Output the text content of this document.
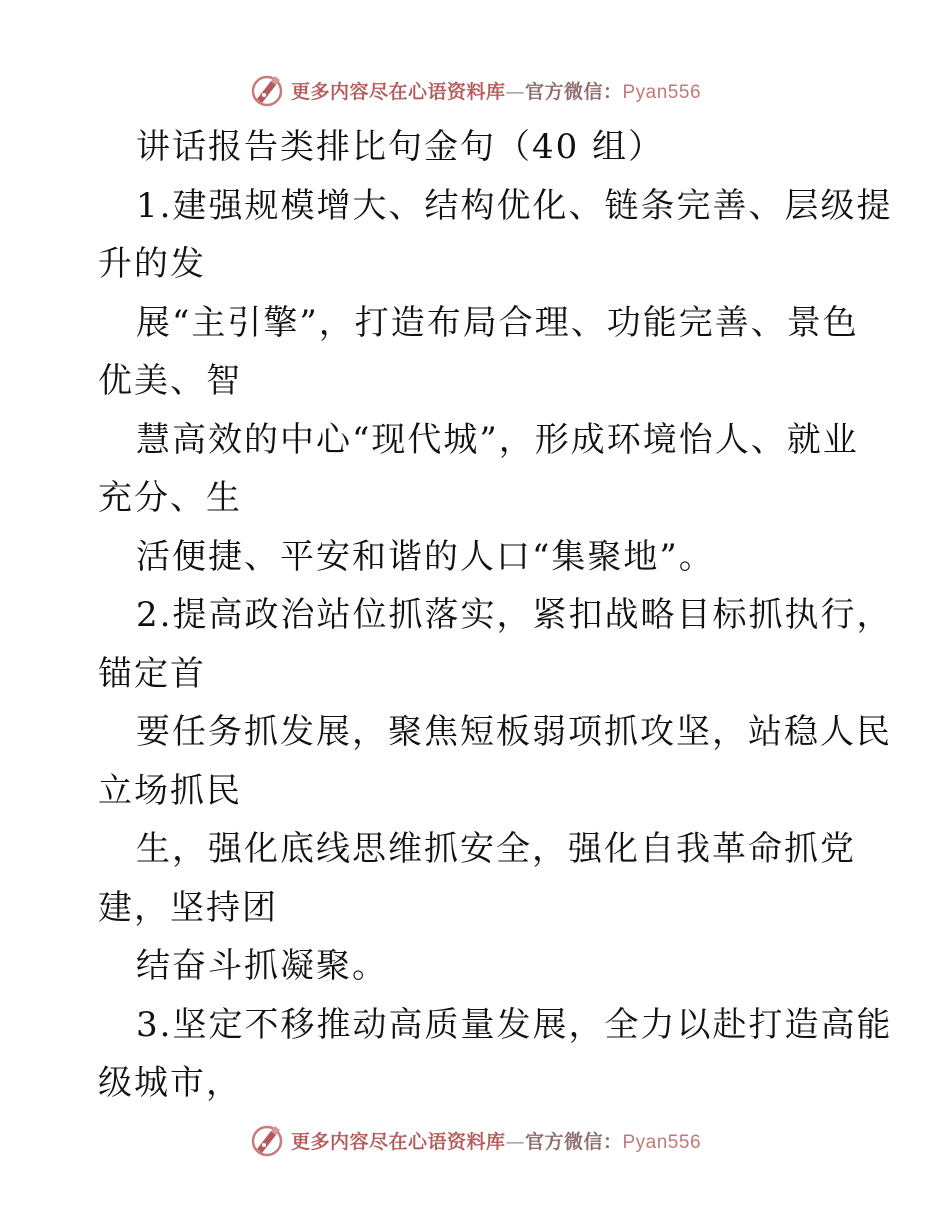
更多内容尽在心语资料库—官方微信：Pyan556
讲话报告类排比句金句（40 组）
1.建强规模增大、结构优化、链条完善、层级提
升的发
展“主引擎”，打造布局合理、功能完善、景色
优美、智
慧高效的中心“现代城”，形成环境怡人、就业
充分、生
活便捷、平安和谐的人口“集聚地”。
2.提高政治站位抓落实，紧扣战略目标抓执行，
锚定首
要任务抓发展，聚焦短板弱项抓攻坚，站稳人民
立场抓民
生，强化底线思维抓安全，强化自我革命抓党
建，坚持团
结奋斗抓凝聚。
3.坚定不移推动高质量发展，全力以赴打造高能
级城市，
更多内容尽在心语资料库—官方微信：Pyan556
